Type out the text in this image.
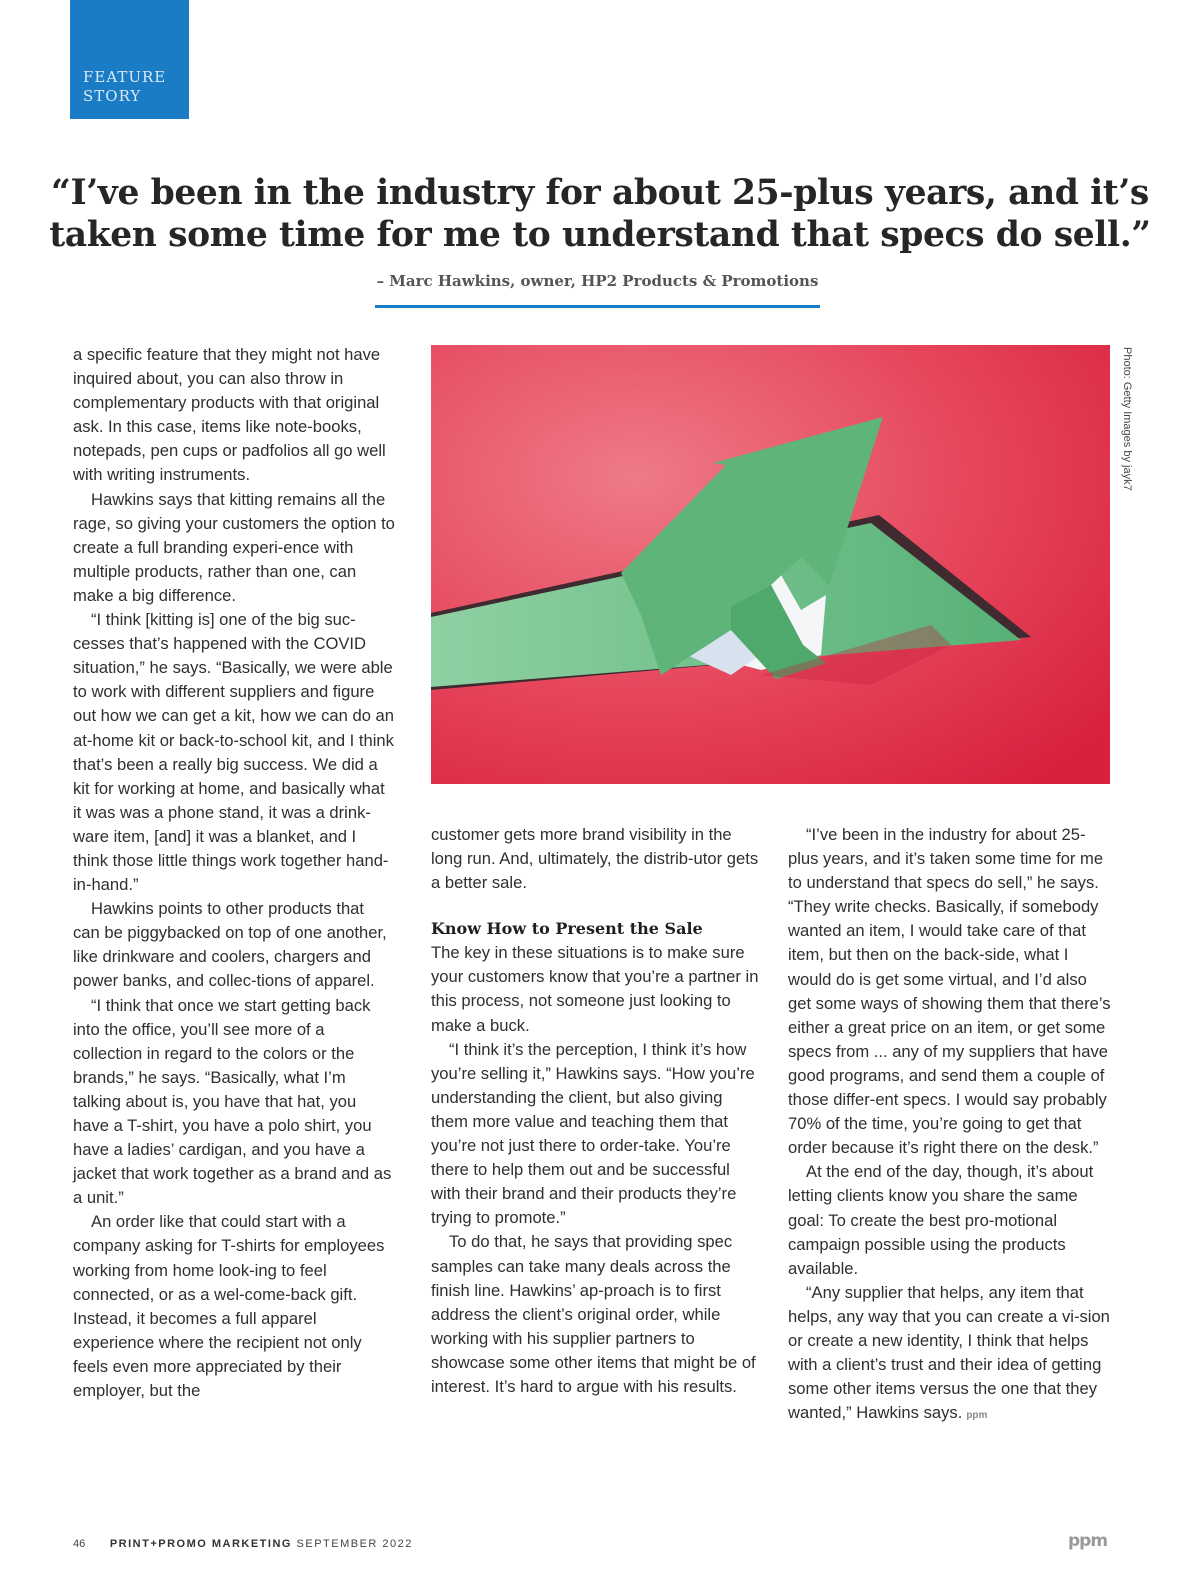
FEATURE
STORY
“I’ve been in the industry for about 25-plus years, and it’s taken some time for me to understand that specs do sell.”
– Marc Hawkins, owner, HP2 Products & Promotions

a specific feature that they might not have inquired about, you can also throw in complementary products with that original ask. In this case, items like note-books, notepads, pen cups or padfolios all go well with writing instruments.

Hawkins says that kitting remains all the rage, so giving your customers the option to create a full branding experi-ence with multiple products, rather than one, can make a big difference.

“I think [kitting is] one of the big suc-cesses that’s happened with the COVID situation,” he says. “Basically, we were able to work with different suppliers and figure out how we can get a kit, how we can do an at-home kit or back-to-school kit, and I think that’s been a really big success. We did a kit for working at home, and basically what it was was a phone stand, it was a drink-ware item, [and] it was a blanket, and I think those little things work together hand-in-hand.”

Hawkins points to other products that can be piggybacked on top of one another, like drinkware and coolers, chargers and power banks, and collec-tions of apparel.

“I think that once we start getting back into the office, you’ll see more of a collection in regard to the colors or the brands,” he says. “Basically, what I’m talking about is, you have that hat, you have a T-shirt, you have a polo shirt, you have a ladies’ cardigan, and you have a jacket that work together as a brand and as a unit.”

An order like that could start with a company asking for T-shirts for employees working from home look-ing to feel connected, or as a wel-come-back gift. Instead, it becomes a full apparel experience where the recipient not only feels even more appreciated by their employer, but the

Photo: Getty Images by jayk7

customer gets more brand visibility in the long run. And, ultimately, the distrib-utor gets a better sale.

Know How to Present the Sale

The key in these situations is to make sure your customers know that you’re a partner in this process, not someone just looking to make a buck.

“I think it’s the perception, I think it’s how you’re selling it,” Hawkins says. “How you’re understanding the client, but also giving them more value and teaching them that you’re not just there to order-take. You’re there to help them out and be successful with their brand and their products they’re trying to promote.”

To do that, he says that providing spec samples can take many deals across the finish line. Hawkins’ ap-proach is to first address the client’s original order, while working with his supplier partners to showcase some other items that might be of interest. It’s hard to argue with his results.

“I’ve been in the industry for about 25-plus years, and it’s taken some time for me to understand that specs do sell,” he says. “They write checks. Basically, if somebody wanted an item, I would take care of that item, but then on the back-side, what I would do is get some virtual, and I’d also get some ways of showing them that there’s either a great price on an item, or get some specs from ... any of my suppliers that have good programs, and send them a couple of those differ-ent specs. I would say probably 70% of the time, you’re going to get that order because it’s right there on the desk.”

At the end of the day, though, it’s about letting clients know you share the same goal: To create the best pro-motional campaign possible using the products available.

“Any supplier that helps, any item that helps, any way that you can create a vi-sion or create a new identity, I think that helps with a client’s trust and their idea of getting some other items versus the one that they wanted,” Hawkins says. ppm

46 PRINT+PROMO MARKETING SEPTEMBER 2022	ppm
